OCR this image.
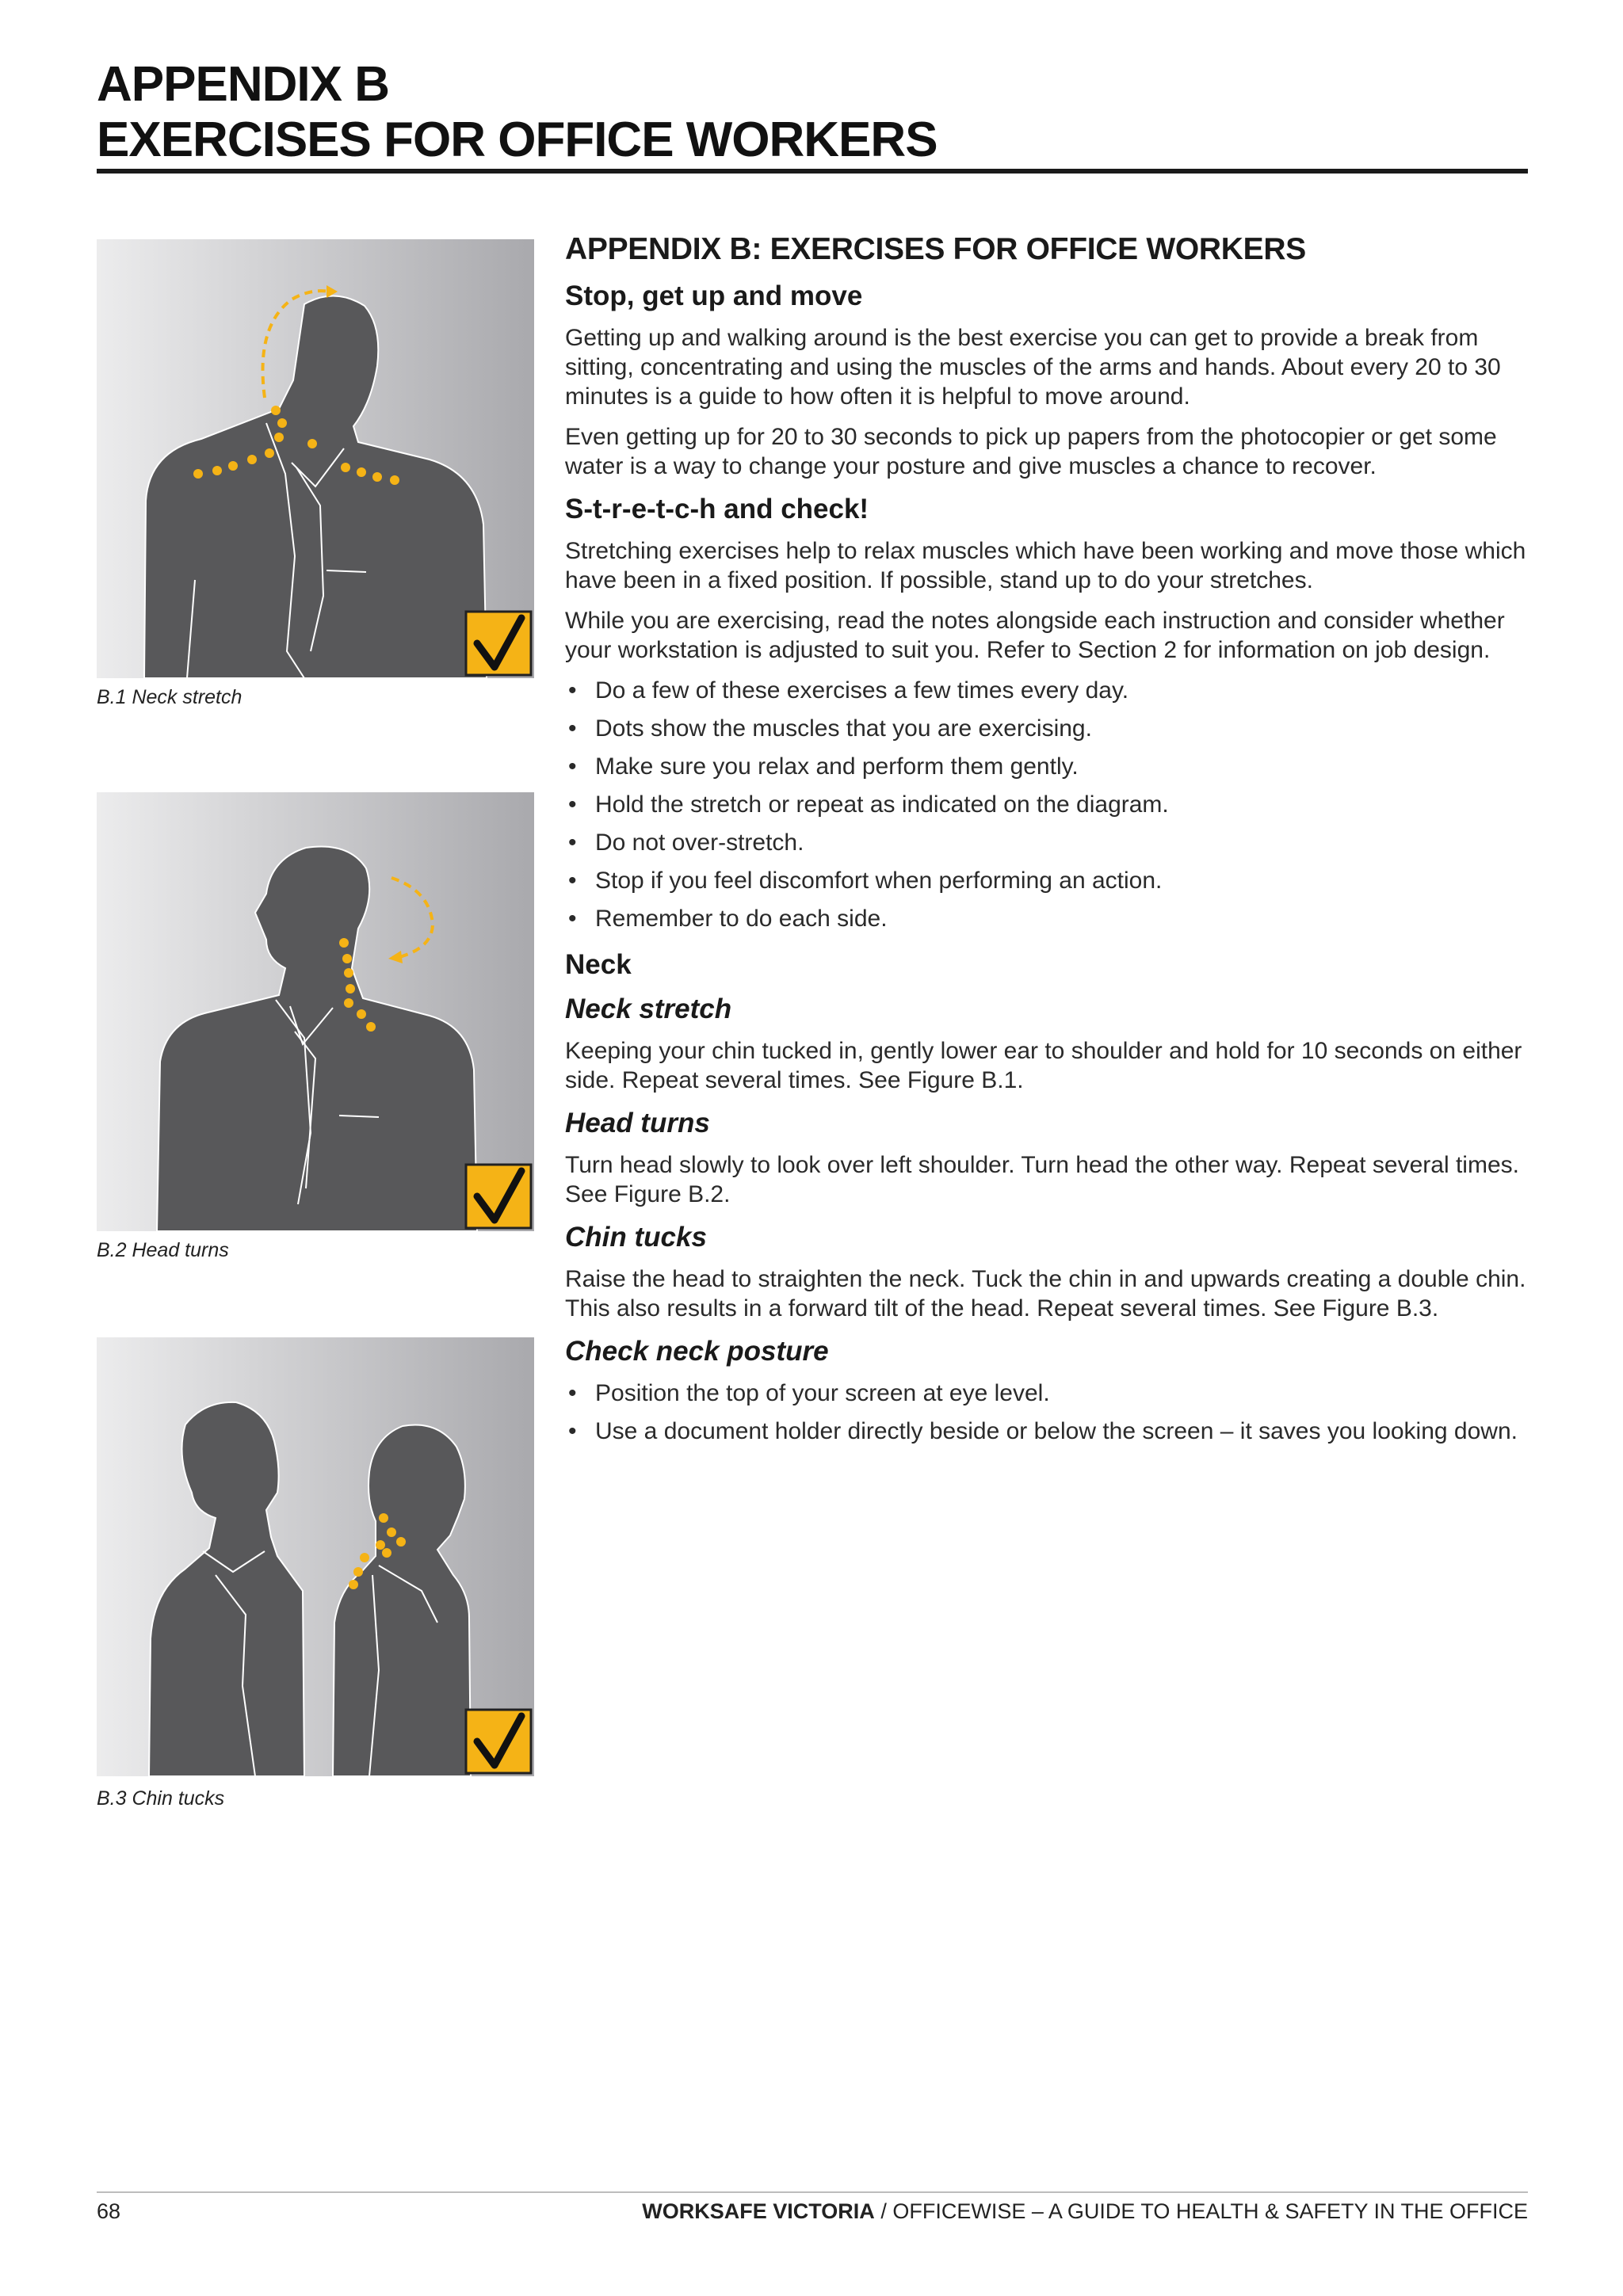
APPENDIX B
EXERCISES FOR OFFICE WORKERS
B.1 Neck stretch
B.2 Head turns
B.3 Chin tucks
APPENDIX B: EXERCISES FOR OFFICE WORKERS
Stop, get up and move

Getting up and walking around is the best exercise you can get to provide a break from sitting, concentrating and using the muscles of the arms and hands. About every 20 to 30 minutes is a guide to how often it is helpful to move around.

Even getting up for 20 to 30 seconds to pick up papers from the photocopier or get some water is a way to change your posture and give muscles a chance to recover.

S-t-r-e-t-c-h and check!

Stretching exercises help to relax muscles which have been working and move those which have been in a fixed position. If possible, stand up to do your stretches.

While you are exercising, read the notes alongside each instruction and consider whether your workstation is adjusted to suit you. Refer to Section 2 for information on job design.

• Do a few of these exercises a few times every day.
• Dots show the muscles that you are exercising.
• Make sure you relax and perform them gently.
• Hold the stretch or repeat as indicated on the diagram.
• Do not over-stretch.
• Stop if you feel discomfort when performing an action.
• Remember to do each side.
Neck
Neck stretch

Keeping your chin tucked in, gently lower ear to shoulder and hold for 10 seconds on either side. Repeat several times. See Figure B.1.

Head turns

Turn head slowly to look over left shoulder. Turn head the other way. Repeat several times. See Figure B.2.

Chin tucks

Raise the head to straighten the neck. Tuck the chin in and upwards creating a double chin. This also results in a forward tilt of the head. Repeat several times. See Figure B.3.

Check neck posture
• Position the top of your screen at eye level.
• Use a document holder directly beside or below the screen – it saves you looking down.
68	WORKSAFE VICTORIA / OFFICEWISE – A GUIDE TO HEALTH & SAFETY IN THE OFFICE
